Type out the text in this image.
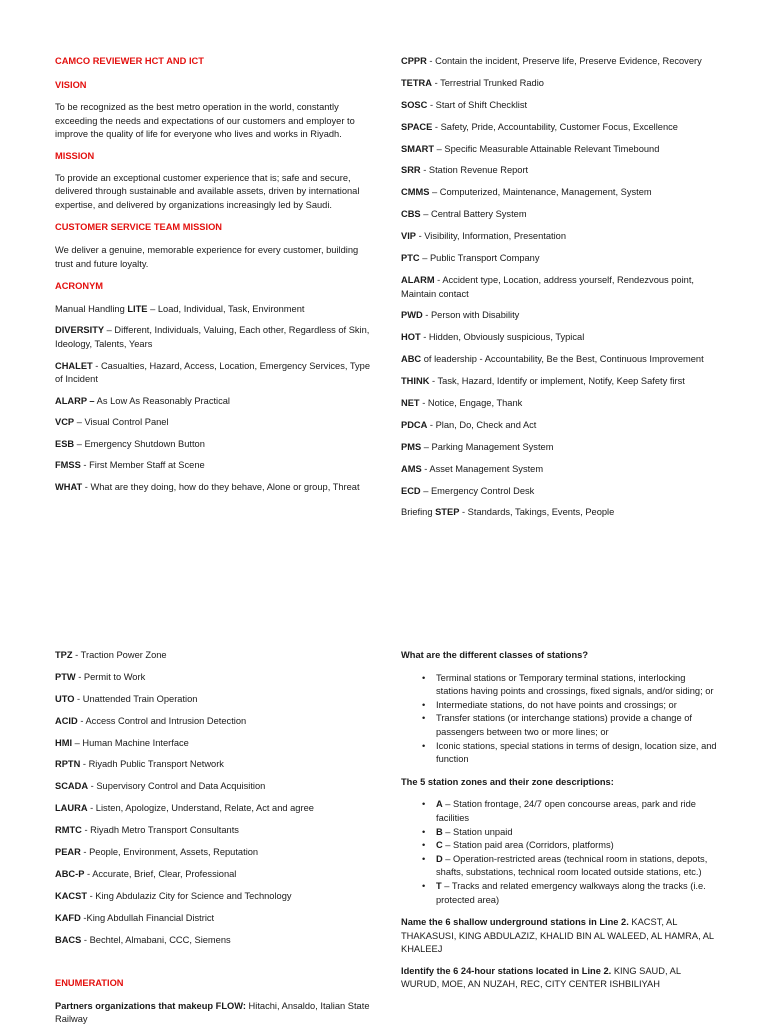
CAMCO REVIEWER HCT AND ICT

VISION

To be recognized as the best metro operation in the world, constantly exceeding the needs and expectations of our customers and employer to improve the quality of life for everyone who lives and works in Riyadh.

MISSION

To provide an exceptional customer experience that is; safe and secure, delivered through sustainable and available assets, driven by international expertise, and delivered by organizations increasingly led by Saudi.

CUSTOMER SERVICE TEAM MISSION

We deliver a genuine, memorable experience for every customer, building trust and future loyalty.

ACRONYM

Manual Handling LITE – Load, Individual, Task, Environment

DIVERSITY – Different, Individuals, Valuing, Each other, Regardless of Skin, Ideology, Talents, Years

CHALET - Casualties, Hazard, Access, Location, Emergency Services, Type of Incident

ALARP – As Low As Reasonably Practical

VCP – Visual Control Panel

ESB – Emergency Shutdown Button

FMSS - First Member Staff at Scene

WHAT - What are they doing, how do they behave, Alone or group, Threat

CPPR - Contain the incident, Preserve life, Preserve Evidence, Recovery

TETRA - Terrestrial Trunked Radio

SOSC - Start of Shift Checklist

SPACE - Safety, Pride, Accountability, Customer Focus, Excellence

SMART – Specific Measurable Attainable Relevant Timebound

SRR - Station Revenue Report

CMMS – Computerized, Maintenance, Management, System

CBS – Central Battery System

VIP - Visibility, Information, Presentation

PTC – Public Transport Company

ALARM - Accident type, Location, address yourself, Rendezvous point, Maintain contact

PWD - Person with Disability

HOT - Hidden, Obviously suspicious, Typical

ABC of leadership - Accountability, Be the Best, Continuous Improvement

THINK - Task, Hazard, Identify or implement, Notify, Keep Safety first

NET - Notice, Engage, Thank

PDCA - Plan, Do, Check and Act

PMS – Parking Management System

AMS - Asset Management System

ECD – Emergency Control Desk

Briefing STEP - Standards, Takings, Events, People

TPZ - Traction Power Zone

PTW - Permit to Work

UTO - Unattended Train Operation

ACID - Access Control and Intrusion Detection

HMI – Human Machine Interface

RPTN - Riyadh Public Transport Network

SCADA - Supervisory Control and Data Acquisition

LAURA - Listen, Apologize, Understand, Relate, Act and agree

RMTC - Riyadh Metro Transport Consultants

PEAR - People, Environment, Assets, Reputation

ABC-P - Accurate, Brief, Clear, Professional

KACST - King Abdulaziz City for Science and Technology

KAFD -King Abdullah Financial District

BACS - Bechtel, Almabani, CCC, Siemens

ENUMERATION

Partners organizations that makeup FLOW: Hitachi, Ansaldo, Italian State Railway

What are the different classes of stations?

• Terminal stations or Temporary terminal stations, interlocking stations having points and crossings, fixed signals, and/or siding; or
• Intermediate stations, do not have points and crossings; or
• Transfer stations (or interchange stations) provide a change of passengers between two or more lines; or
• Iconic stations, special stations in terms of design, location size, and function

The 5 station zones and their zone descriptions:

• A – Station frontage, 24/7 open concourse areas, park and ride facilities
• B – Station unpaid
• C – Station paid area (Corridors, platforms)
• D – Operation-restricted areas (technical room in stations, depots, shafts, substations, technical room located outside stations, etc.)
• T – Tracks and related emergency walkways along the tracks (i.e. protected area)

Name the 6 shallow underground stations in Line 2. KACST, AL THAKASUSI, KING ABDULAZIZ, KHALID BIN AL WALEED, AL HAMRA, AL KHALEEJ

Identify the 6 24-hour stations located in Line 2. KING SAUD, AL WURUD, MOE, AN NUZAH, REC, CITY CENTER ISHBILIYAH
